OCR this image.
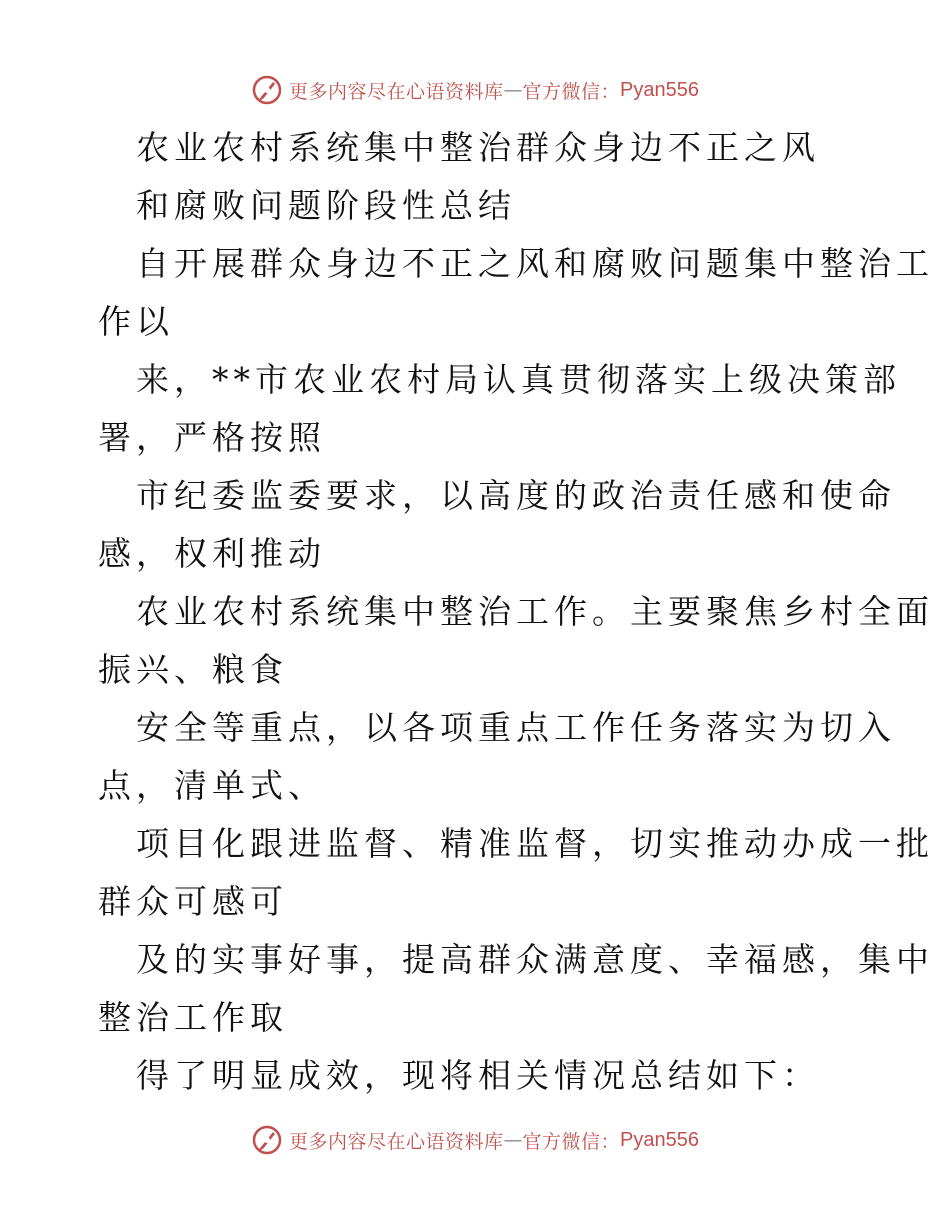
更多内容尽在心语资料库 — 官方微信： Pyan556
农业农村系统集中整治群众身边不正之风
和腐败问题阶段性总结
自开展群众身边不正之风和腐败问题集中整治工
作以
来，**市农业农村局认真贯彻落实上级决策部
署，严格按照
市纪委监委要求，以高度的政治责任感和使命
感，权利推动
农业农村系统集中整治工作。主要聚焦乡村全面
振兴、粮食
安全等重点，以各项重点工作任务落实为切入
点，清单式、
项目化跟进监督、精准监督，切实推动办成一批
群众可感可
及的实事好事，提高群众满意度、幸福感，集中
整治工作取
得了明显成效，现将相关情况总结如下：
更多内容尽在心语资料库 — 官方微信： Pyan556
